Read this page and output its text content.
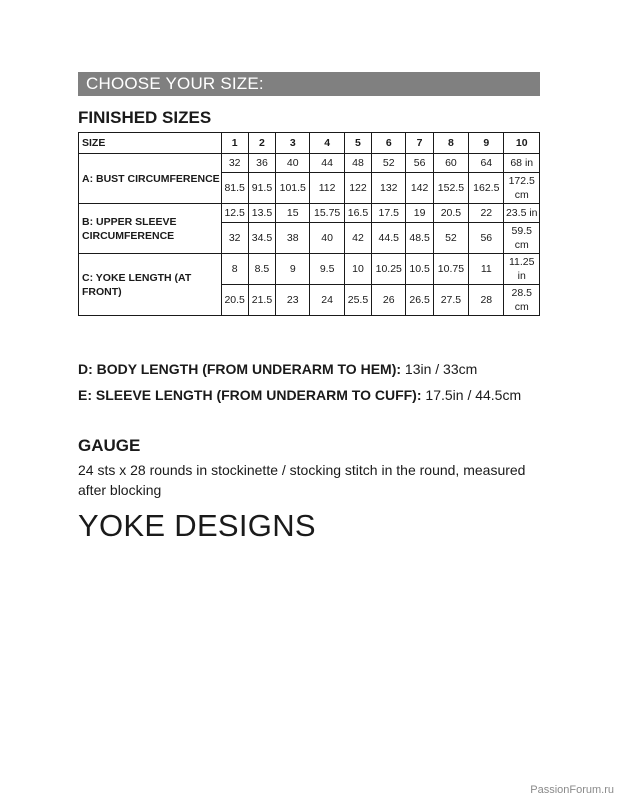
CHOOSE YOUR SIZE:
FINISHED SIZES
SIZE	1	2	3	4	5	6	7	8	9	10
A: BUST CIRCUMFERENCE	32	36	40	44	48	52	56	60	64	68 in
	81.5	91.5	101.5	112	122	132	142	152.5	162.5	172.5 cm
B: UPPER SLEEVE CIRCUMFERENCE	12.5	13.5	15	15.75	16.5	17.5	19	20.5	22	23.5 in
	32	34.5	38	40	42	44.5	48.5	52	56	59.5 cm
C: YOKE LENGTH (AT FRONT)	8	8.5	9	9.5	10	10.25	10.5	10.75	11	11.25 in
	20.5	21.5	23	24	25.5	26	26.5	27.5	28	28.5 cm

D: BODY LENGTH (FROM UNDERARM TO HEM): 13in / 33cm

E: SLEEVE LENGTH (FROM UNDERARM TO CUFF): 17.5in / 44.5cm

GAUGE

24 sts x 28 rounds in stockinette / stocking stitch in the round, measured after blocking

YOKE DESIGNS
PassionForum.ru
